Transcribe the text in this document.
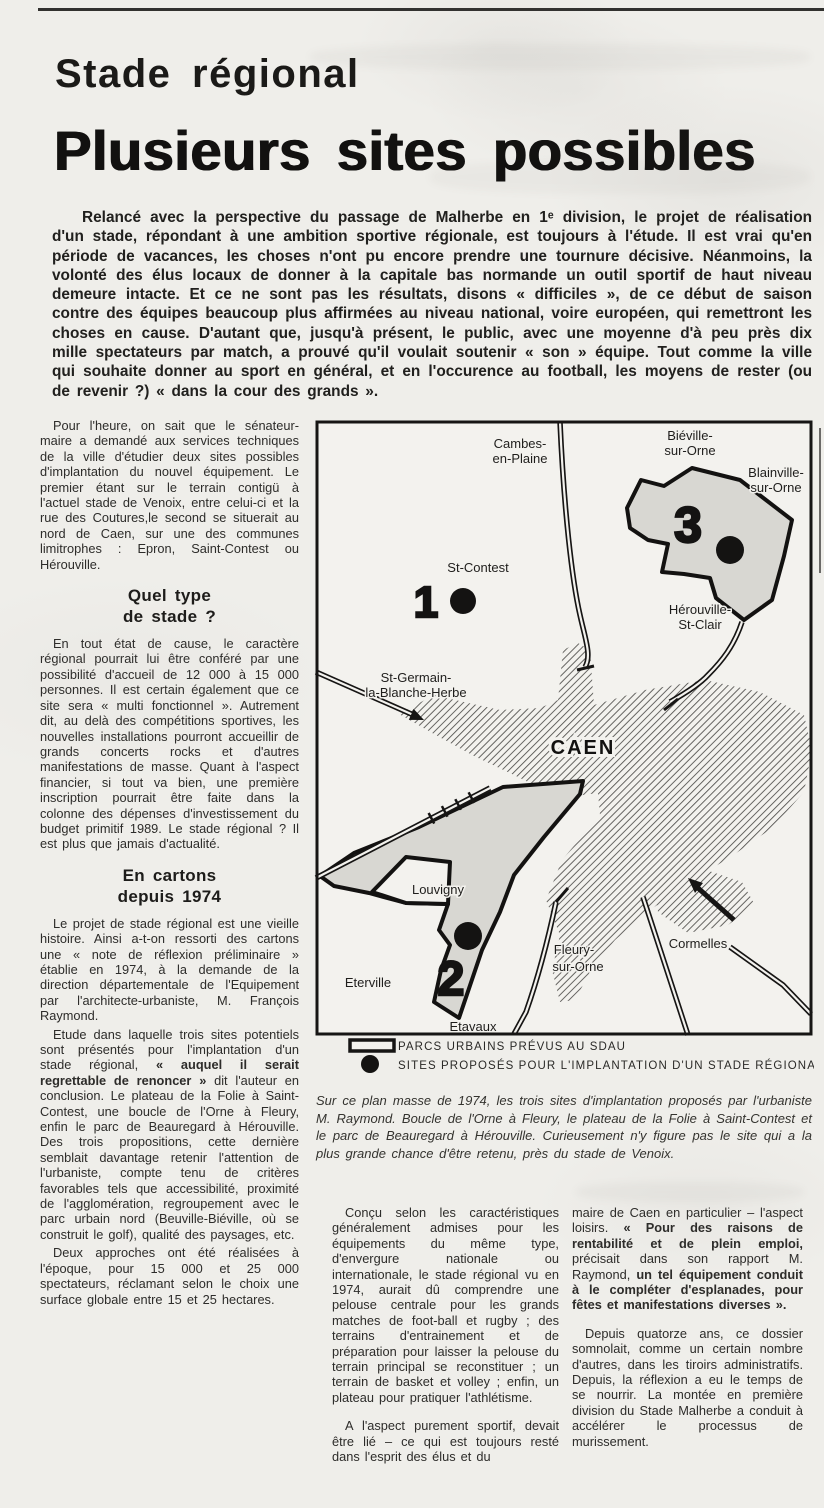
Stade régional
Plusieurs sites possibles
Relancé avec la perspective du passage de Malherbe en 1ᵉ division, le projet de réalisation d'un stade, répondant à une ambition sportive régionale, est toujours à l'étude. Il est vrai qu'en période de vacances, les choses n'ont pu encore prendre une tournure décisive. Néanmoins, la volonté des élus locaux de donner à la capitale bas normande un outil sportif de haut niveau demeure intacte. Et ce ne sont pas les résultats, disons « difficiles », de ce début de saison contre des équipes beaucoup plus affirmées au niveau national, voire européen, qui remettront les choses en cause. D'autant que, jusqu'à présent, le public, avec une moyenne d'à peu près dix mille spectateurs par match, a prouvé qu'il voulait soutenir « son » équipe. Tout comme la ville qui souhaite donner au sport en général, et en l'occurence au football, les moyens de rester (ou de revenir ?) « dans la cour des grands ».

Pour l'heure, on sait que le sénateur-maire a demandé aux services techniques de la ville d'étudier deux sites possibles d'implantation du nouvel équipement. Le premier étant sur le terrain contigü à l'actuel stade de Venoix, entre celui-ci et la rue des Coutures,le second se situerait au nord de Caen, sur une des communes limitrophes : Epron, Saint-Contest ou Hérouville.

Quel type
de stade ?

En tout état de cause, le caractère régional pourrait lui être conféré par une possibilité d'accueil de 12 000 à 15 000 personnes. Il est certain également que ce site sera « multi fonctionnel ». Autrement dit, au delà des compétitions sportives, les nouvelles installations pourront accueillir de grands concerts rocks et d'autres manifestations de masse. Quant à l'aspect financier, si tout va bien, une première inscription pourrait être faite dans la colonne des dépenses d'investissement du budget primitif 1989. Le stade régional ? Il est plus que jamais d'actualité.

En cartons
depuis 1974

Le projet de stade régional est une vieille histoire. Ainsi a-t-on ressorti des cartons une « note de réflexion préliminaire » établie en 1974, à la demande de la direction départementale de l'Equipement par l'architecte-urbaniste, M. François Raymond.

Etude dans laquelle trois sites potentiels sont présentés pour l'implantation d'un stade régional, « auquel il serait regrettable de renoncer » dit l'auteur en conclusion. Le plateau de la Folie à Saint-Contest, une boucle de l'Orne à Fleury, enfin le parc de Beauregard à Hérouville. Des trois propositions, cette dernière semblait davantage retenir l'attention de l'urbaniste, compte tenu de critères favorables tels que accessibilité, proximité de l'agglomération, regroupement avec le parc urbain nord (Beuville-Biéville, où se construit le golf), qualité des paysages, etc.

Deux approches ont été réalisées à l'époque, pour 15 000 et 25 000 spectateurs, réclamant selon le choix une surface globale entre 15 et 25 hectares.

1
2
3
Cambes-
en-Plaine
Biéville-
sur-Orne
Blainville-
sur-Orne
St-Contest
Hérouville-
St-Clair
St-Germain-
la-Blanche-Herbe
CAEN
Louvigny
Eterville
Etavaux
Fleury-
sur-Orne
Cormelles
PARCS URBAINS PRÉVUS AU SDAU
SITES PROPOSÉS POUR L'IMPLANTATION D'UN STADE RÉGIONAL
Sur ce plan masse de 1974, les trois sites d'implantation proposés par l'urbaniste M. Raymond. Boucle de l'Orne à Fleury, le plateau de la Folie à Saint-Contest et le parc de Beauregard à Hérouville. Curieusement n'y figure pas le site qui a la plus grande chance d'être retenu, près du stade de Venoix.

Conçu selon les caractéristiques généralement admises pour les équipements du même type, d'envergure nationale ou internationale, le stade régional vu en 1974, aurait dû comprendre une pelouse centrale pour les grands matches de foot-ball et rugby ; des terrains d'entrainement et de préparation pour laisser la pelouse du terrain principal se reconstituer ; un terrain de basket et volley ; enfin, un plateau pour pratiquer l'athlétisme.

A l'aspect purement sportif, devait être lié – ce qui est toujours resté dans l'esprit des élus et du

maire de Caen en particulier – l'aspect loisirs. « Pour des raisons de rentabilité et de plein emploi, précisait dans son rapport M. Raymond, un tel équipement conduit à le compléter d'esplanades, pour fêtes et manifestations diverses ».

Depuis quatorze ans, ce dossier somnolait, comme un certain nombre d'autres, dans les tiroirs administratifs. Depuis, la réflexion a eu le temps de se nourrir. La montée en première division du Stade Malherbe a conduit à accélérer le processus de murissement.
